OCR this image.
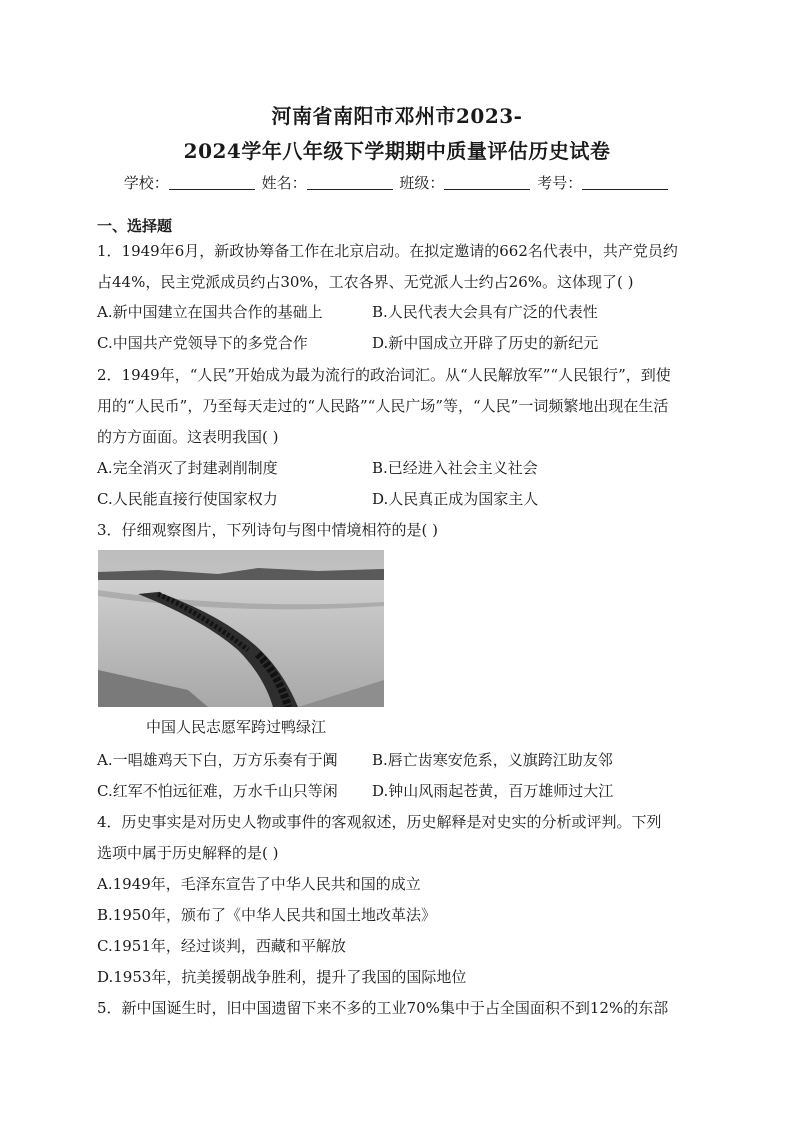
河南省南阳市邓州市2023-
2024学年八年级下学期期中质量评估历史试卷
学校：	姓名：	班级：	考号：
一、选择题
1．1949年6月，新政协筹备工作在北京启动。在拟定邀请的662名代表中，共产党员约
占44%，民主党派成员约占30%，工农各界、无党派人士约占26%。这体现了( )
A.新中国建立在国共合作的基础上	B.人民代表大会具有广泛的代表性
C.中国共产党领导下的多党合作	D.新中国成立开辟了历史的新纪元
2．1949年，“人民”开始成为最为流行的政治词汇。从“人民解放军”“人民银行”，到使
用的“人民币”，乃至每天走过的“人民路”“人民广场”等，“人民”一词频繁地出现在生活
的方方面面。这表明我国( )
A.完全消灭了封建剥削制度	B.已经进入社会主义社会
C.人民能直接行使国家权力	D.人民真正成为国家主人
3．仔细观察图片，下列诗句与图中情境相符的是( )
中国人民志愿军跨过鸭绿江
A.一唱雄鸡天下白，万方乐奏有于阗 B.唇亡齿寒安危系，义旗跨江助友邻
C.红军不怕远征难，万水千山只等闲 D.钟山风雨起苍黄，百万雄师过大江
4．历史事实是对历史人物或事件的客观叙述，历史解释是对史实的分析或评判。下列
选项中属于历史解释的是( )
A.1949年，毛泽东宣告了中华人民共和国的成立
B.1950年，颁布了《中华人民共和国土地改革法》
C.1951年，经过谈判，西藏和平解放
D.1953年，抗美援朝战争胜利，提升了我国的国际地位
5．新中国诞生时，旧中国遗留下来不多的工业70%集中于占全国面积不到12%的东部
